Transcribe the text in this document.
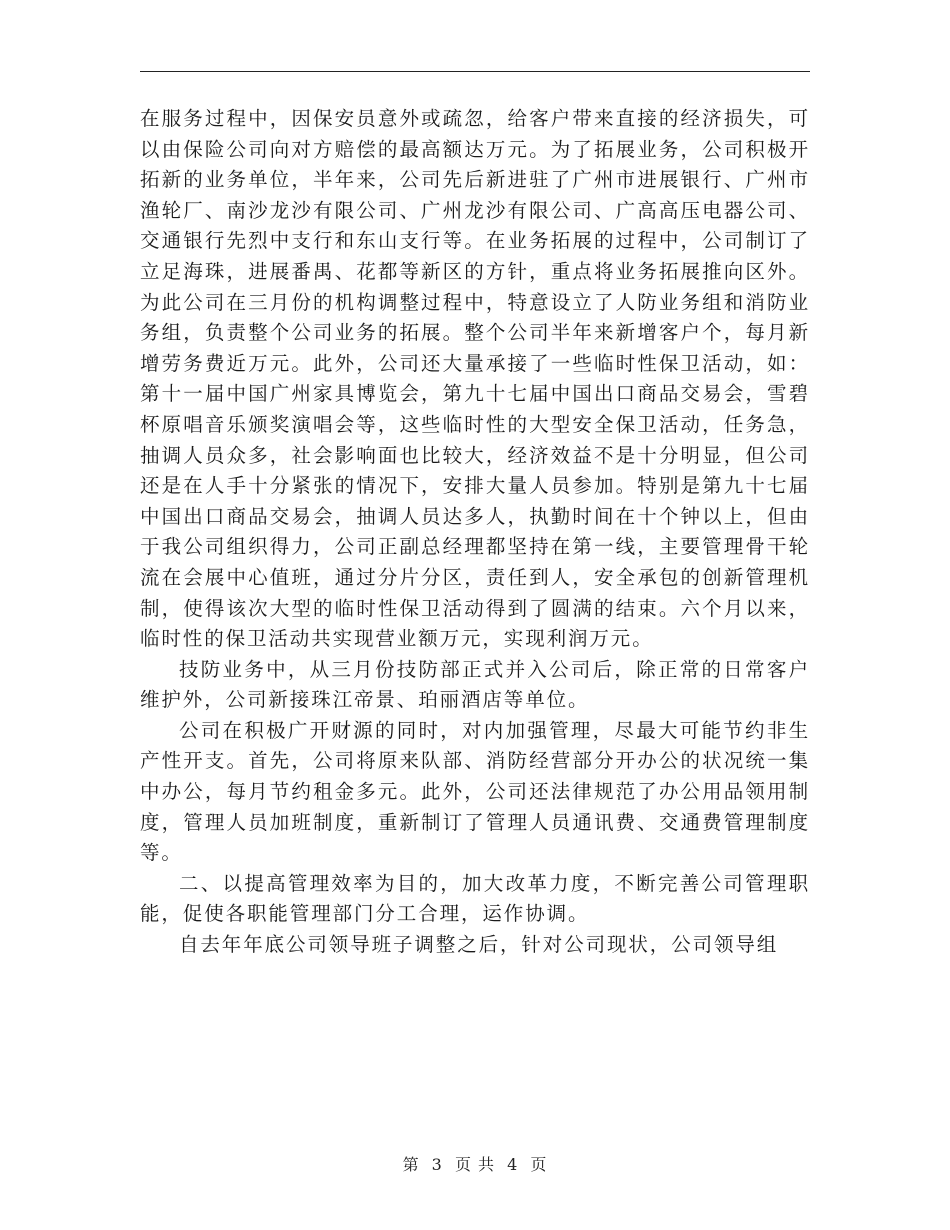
在服务过程中，因保安员意外或疏忽，给客户带来直接的经济损失，可以由保险公司向对方赔偿的最高额达万元。为了拓展业务，公司积极开拓新的业务单位，半年来，公司先后新进驻了广州市进展银行、广州市渔轮厂、南沙龙沙有限公司、广州龙沙有限公司、广高高压电器公司、交通银行先烈中支行和东山支行等。在业务拓展的过程中，公司制订了立足海珠，进展番禺、花都等新区的方针，重点将业务拓展推向区外。为此公司在三月份的机构调整过程中，特意设立了人防业务组和消防业务组，负责整个公司业务的拓展。整个公司半年来新增客户个，每月新增劳务费近万元。此外，公司还大量承接了一些临时性保卫活动，如：第十一届中国广州家具博览会，第九十七届中国出口商品交易会，雪碧杯原唱音乐颁奖演唱会等，这些临时性的大型安全保卫活动，任务急，抽调人员众多，社会影响面也比较大，经济效益不是十分明显，但公司还是在人手十分紧张的情况下，安排大量人员参加。特别是第九十七届中国出口商品交易会，抽调人员达多人，执勤时间在十个钟以上，但由于我公司组织得力，公司正副总经理都坚持在第一线，主要管理骨干轮流在会展中心值班，通过分片分区，责任到人，安全承包的创新管理机制，使得该次大型的临时性保卫活动得到了圆满的结束。六个月以来，临时性的保卫活动共实现营业额万元，实现利润万元。

技防业务中，从三月份技防部正式并入公司后，除正常的日常客户维护外，公司新接珠江帝景、珀丽酒店等单位。

公司在积极广开财源的同时，对内加强管理，尽最大可能节约非生产性开支。首先，公司将原来队部、消防经营部分开办公的状况统一集中办公，每月节约租金多元。此外，公司还法律规范了办公用品领用制度，管理人员加班制度，重新制订了管理人员通讯费、交通费管理制度等。

二、以提高管理效率为目的，加大改革力度，不断完善公司管理职能，促使各职能管理部门分工合理，运作协调。

自去年年底公司领导班子调整之后，针对公司现状，公司领导组

第 3 页 共 4 页
